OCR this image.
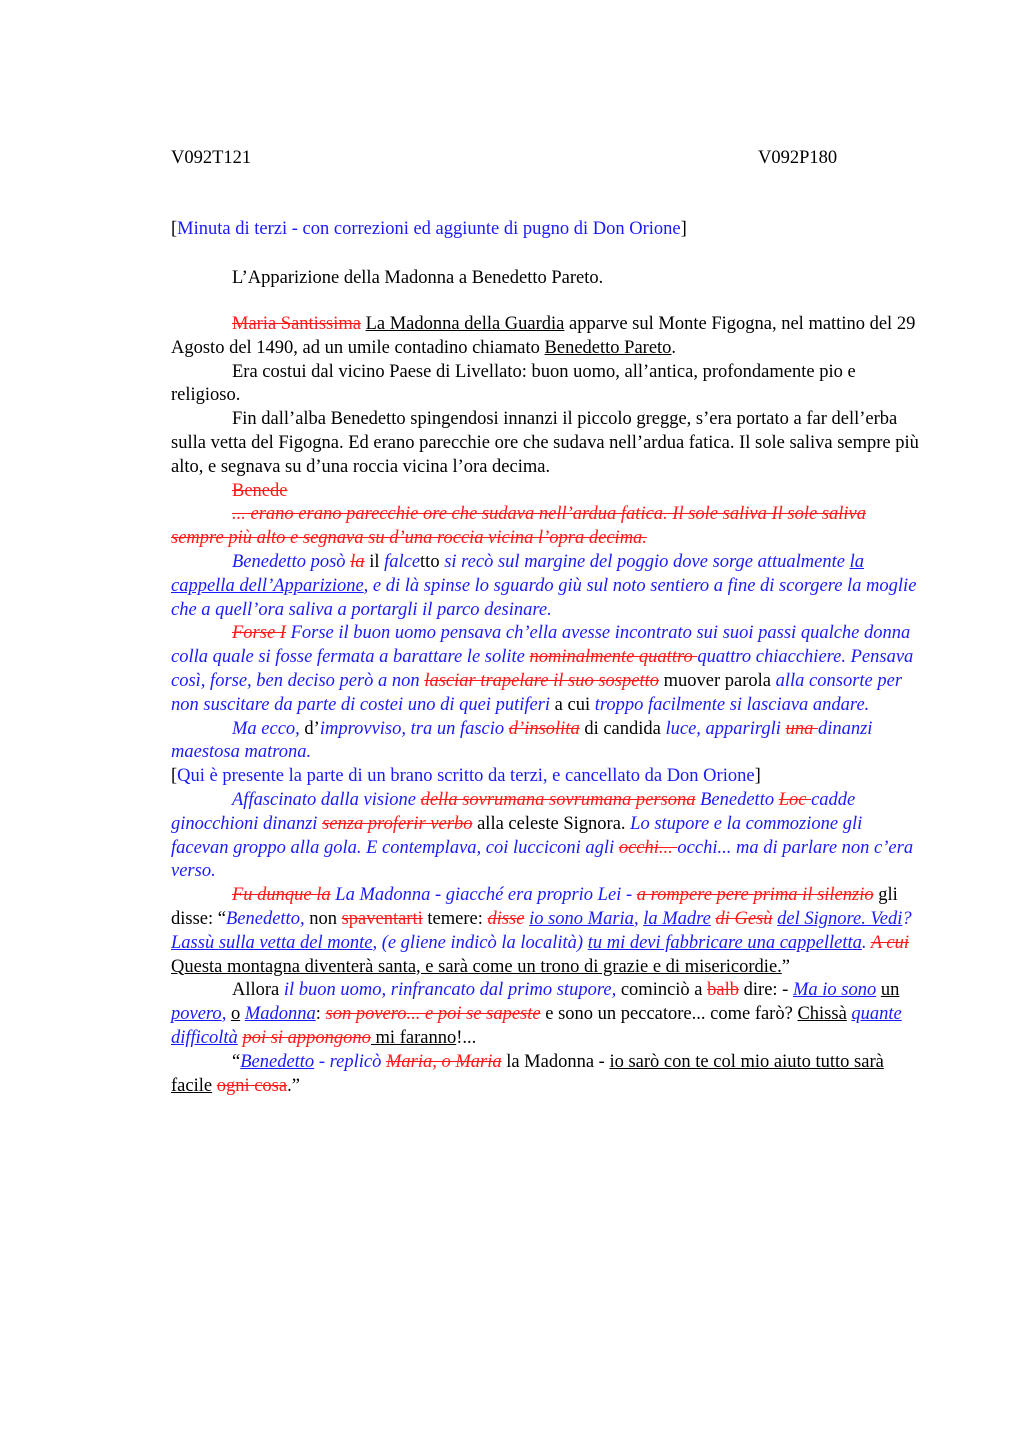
V092T121	V092P180
[Minuta di terzi - con correzioni ed aggiunte di pugno di Don Orione]
L’Apparizione della Madonna a Benedetto Pareto.

Maria Santissima La Madonna della Guardia apparve sul Monte Figogna, nel mattino del 29 Agosto del 1490, ad un umile contadino chiamato Benedetto Pareto.

Era costui dal vicino Paese di Livellato: buon uomo, all’antica, profondamente pio e religioso.

Fin dall’alba Benedetto spingendosi innanzi il piccolo gregge, s’era portato a far dell’erba sulla vetta del Figogna. Ed erano parecchie ore che sudava nell’ardua fatica. Il sole saliva sempre più alto, e segnava su d’una roccia vicina l’ora decima.

Benede

... erano erano parecchie ore che sudava nell’ardua fatica. Il sole saliva Il sole saliva sempre più alto e segnava su d’una roccia vicina l’opra decima.

Benedetto posò la il falcetto si recò sul margine del poggio dove sorge attualmente la cappella dell’Apparizione, e di là spinse lo sguardo giù sul noto sentiero a fine di scorgere la moglie che a quell’ora saliva a portargli il parco desinare.

Forse I Forse il buon uomo pensava ch’ella avesse incontrato sui suoi passi qualche donna colla quale si fosse fermata a barattare le solite nominalmente quattro quattro chiacchiere. Pensava così, forse, ben deciso però a non lasciar trapelare il suo sospetto muover parola alla consorte per non suscitare da parte di costei uno di quei putiferi a cui troppo facilmente si lasciava andare.

Ma ecco, d’improvviso, tra un fascio d’insolita di candida luce, apparirgli una dinanzi maestosa matrona.

[Qui è presente la parte di un brano scritto da terzi, e cancellato da Don Orione]

Affascinato dalla visione della sovrumana sovrumana persona Benedetto Loc cadde ginocchioni dinanzi senza proferir verbo alla celeste Signora. Lo stupore e la commozione gli facevan groppo alla gola. E contemplava, coi lucciconi agli occhi... occhi... ma di parlare non c’era verso.

Fu dunque la La Madonna - giacché era proprio Lei - a rompere pere prima il silenzio gli disse: “Benedetto, non spaventarti temere: disse io sono Maria, la Madre di Gesù del Signore. Vedi? Lassù sulla vetta del monte, (e gliene indicò la località) tu mi devi fabbricare una cappelletta. A cui Questa montagna diventerà santa, e sarà come un trono di grazie e di misericordie.”

Allora il buon uomo, rinfrancato dal primo stupore, cominciò a balb dire: - Ma io sono un povero, o Madonna: son povero... e poi se sapeste e sono un peccatore... come farò? Chissà quante difficoltà poi si appongono mi faranno!...

“Benedetto - replicò Maria, o Maria la Madonna - io sarò con te col mio aiuto tutto sarà facile ogni cosa.”
